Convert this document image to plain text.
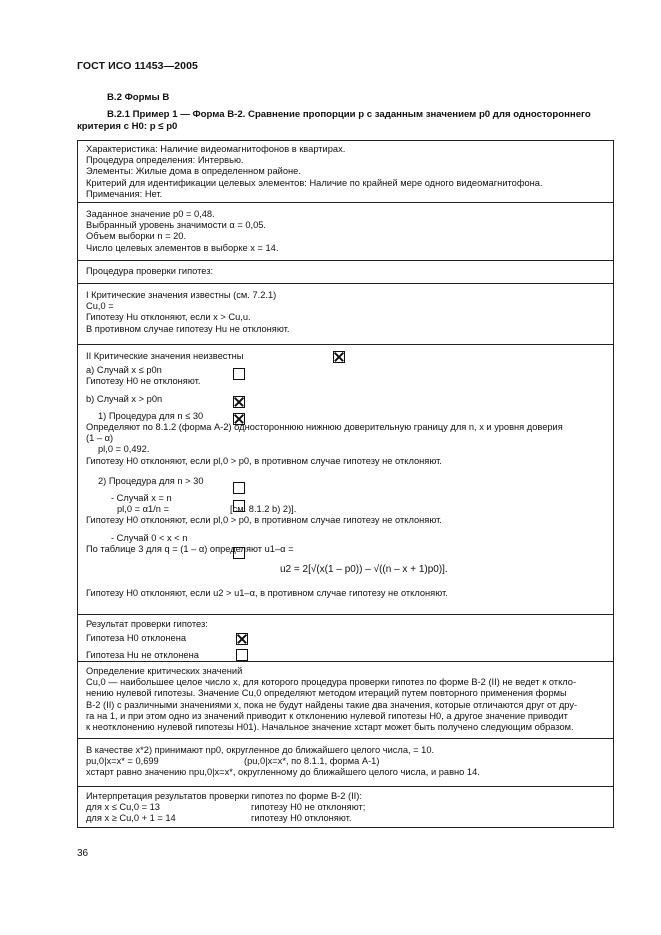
ГОСТ ИСО 11453—2005
B.2 Формы В
B.2.1 Пример 1 — Форма В-2. Сравнение пропорции p с заданным значением p0 для одностороннего
критерия с H0: p ≤ p0
Характеристика: Наличие видеомагнитофонов в квартирах.
Процедура определения: Интервью.
Элементы: Жилые дома в определенном районе.
Критерий для идентификации целевых элементов: Наличие по крайней мере одного видеомагнитофона.
Примечания: Нет.
Заданное значение p0 = 0,48.
Выбранный уровень значимости α = 0,05.
Объем выборки n = 20.
Число целевых элементов в выборке x = 14.
Процедура проверки гипотез:
I Критические значения известны (см. 7.2.1)
Cu,0 =
Гипотезу Hu отклоняют, если x > Cu,u.
В противном случае гипотезу Hu не отклоняют.
II Критические значения неизвестны
a) Случай x ≤ p0n
Гипотезу H0 не отклоняют.
b) Случай x > p0n
1) Процедура для n ≤ 30
Определяют по 8.1.2 (форма А-2) одностороннюю нижнюю доверительную границу для n, x и уровня доверия
(1 – α)
pl,0 = 0,492.
Гипотезу H0 отклоняют, если pl,0 > p0, в противном случае гипотезу не отклоняют.
2) Процедура для n > 30
- Случай x = n
pl,0 = α1/n =	[см. 8.1.2 b) 2)].
Гипотезу H0 отклоняют, если pl,0 > p0, в противном случае гипотезу не отклоняют.
- Случай 0 < x < n
По таблице 3 для q = (1 – α) определяют u1–α =
u2 = 2[√(x(1 – p0)) – √((n – x + 1)p0)].
Гипотезу H0 отклоняют, если u2 > u1–α, в противном случае гипотезу не отклоняют.
Результат проверки гипотез:
Гипотеза H0 отклонена
Гипотеза Hu не отклонена
Определение критических значений
Cu,0 — наибольшее целое число x, для которого процедура проверки гипотез по форме В-2 (II) не ведет к откло-
нению нулевой гипотезы. Значение Cu,0 определяют методом итераций путем повторного применения формы
В-2 (II) с различными значениями x, пока не будут найдены такие два значения, которые отличаются друг от дру-
га на 1, и при этом одно из значений приводит к отклонению нулевой гипотезы H0, а другое значение приводит
к неотклонению нулевой гипотезы H01). Начальное значение xстарт может быть получено следующим образом.
В качестве x*2) принимают np0, округленное до ближайшего целого числа, = 10.
pu,0|x=x* = 0,699	(pu,0|x=x*, по 8.1.1, форма А-1)
xстарт равно значению npu,0|x=x*, округленному до ближайшего целого числа, и равно 14.
Интерпретация результатов проверки гипотез по форме В-2 (II):
для x ≤ Cu,0 = 13	гипотезу H0 не отклоняют;
для x ≥ Cu,0 + 1 = 14	гипотезу H0 отклоняют.
36
